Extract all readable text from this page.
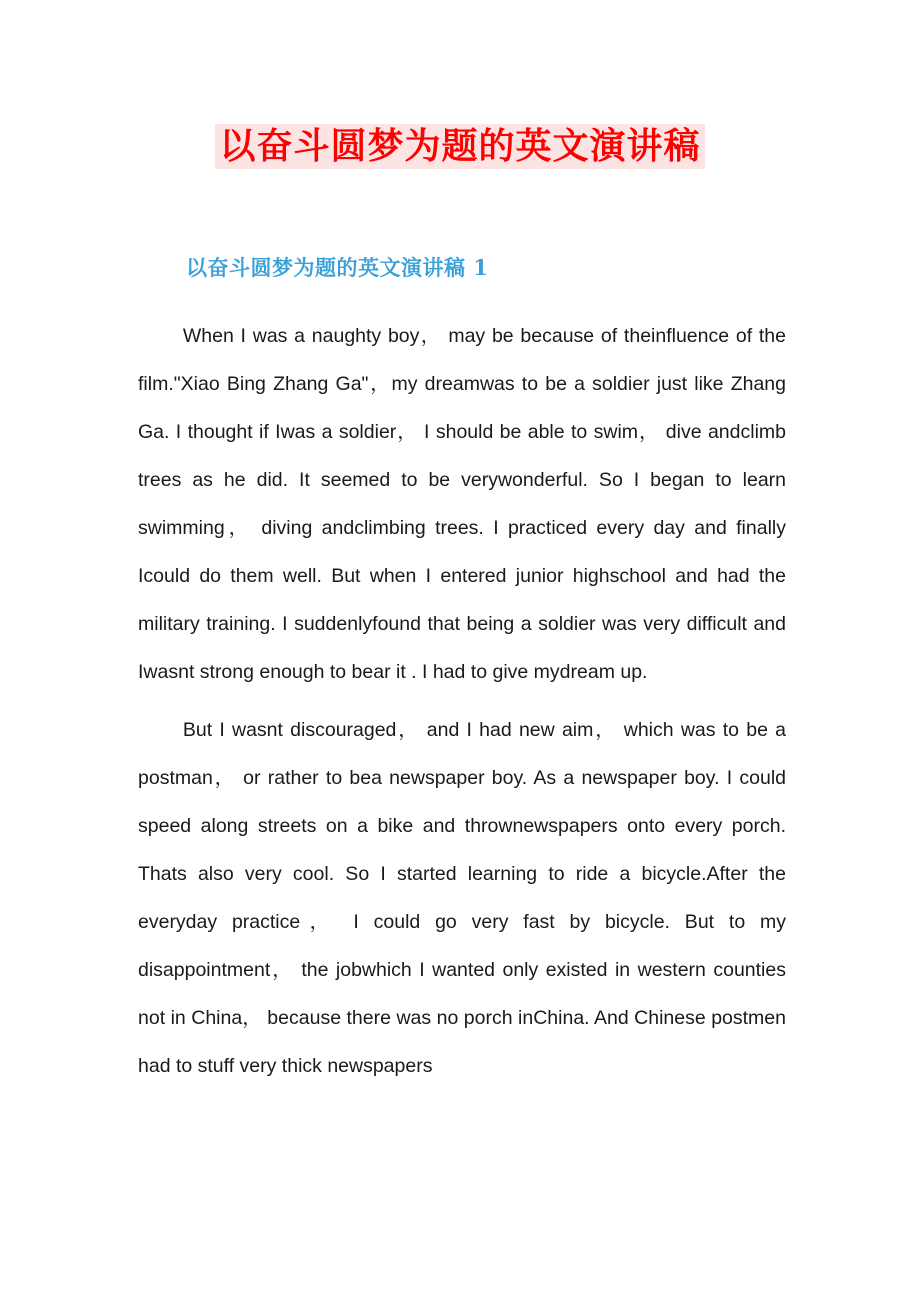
以奋斗圆梦为题的英文演讲稿
以奋斗圆梦为题的英文演讲稿 1

When I was a naughty boy， may be because of theinfluence of the film."Xiao Bing Zhang Ga"，my dreamwas to be a soldier just like Zhang Ga. I thought if Iwas a soldier， I should be able to swim， dive andclimb trees as he did. It seemed to be verywonderful. So I began to learn swimming， diving andclimbing trees. I practiced every day and finally Icould do them well. But when I entered junior highschool and had the military training. I suddenlyfound that being a soldier was very difficult and Iwasnt strong enough to bear it . I had to give mydream up.

But I wasnt discouraged， and I had new aim， which was to be a postman， or rather to bea newspaper boy. As a newspaper boy. I could speed along streets on a bike and thrownewspapers onto every porch. Thats also very cool. So I started learning to ride a bicycle.After the everyday practice， I could go very fast by bicycle. But to my disappointment， the jobwhich I wanted only existed in western counties not in China， because there was no porch inChina. And Chinese postmen had to stuff very thick newspapers
